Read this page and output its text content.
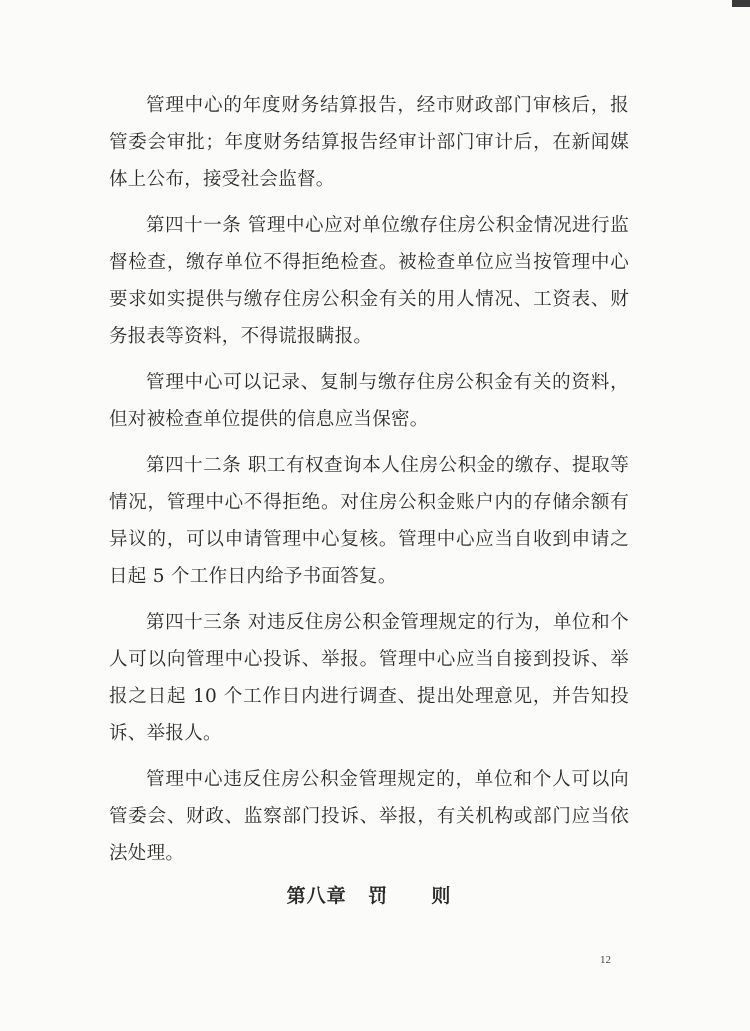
管理中心的年度财务结算报告，经市财政部门审核后，报管委会审批；年度财务结算报告经审计部门审计后，在新闻媒体上公布，接受社会监督。

第四十一条 管理中心应对单位缴存住房公积金情况进行监督检查，缴存单位不得拒绝检查。被检查单位应当按管理中心要求如实提供与缴存住房公积金有关的用人情况、工资表、财务报表等资料，不得谎报瞒报。

管理中心可以记录、复制与缴存住房公积金有关的资料，但对被检查单位提供的信息应当保密。

第四十二条 职工有权查询本人住房公积金的缴存、提取等情况，管理中心不得拒绝。对住房公积金账户内的存储余额有异议的，可以申请管理中心复核。管理中心应当自收到申请之日起 5 个工作日内给予书面答复。

第四十三条 对违反住房公积金管理规定的行为，单位和个人可以向管理中心投诉、举报。管理中心应当自接到投诉、举报之日起 10 个工作日内进行调查、提出处理意见，并告知投诉、举报人。

管理中心违反住房公积金管理规定的，单位和个人可以向管委会、财政、监察部门投诉、举报，有关机构或部门应当依法处理。

第八章 罚  则
12
